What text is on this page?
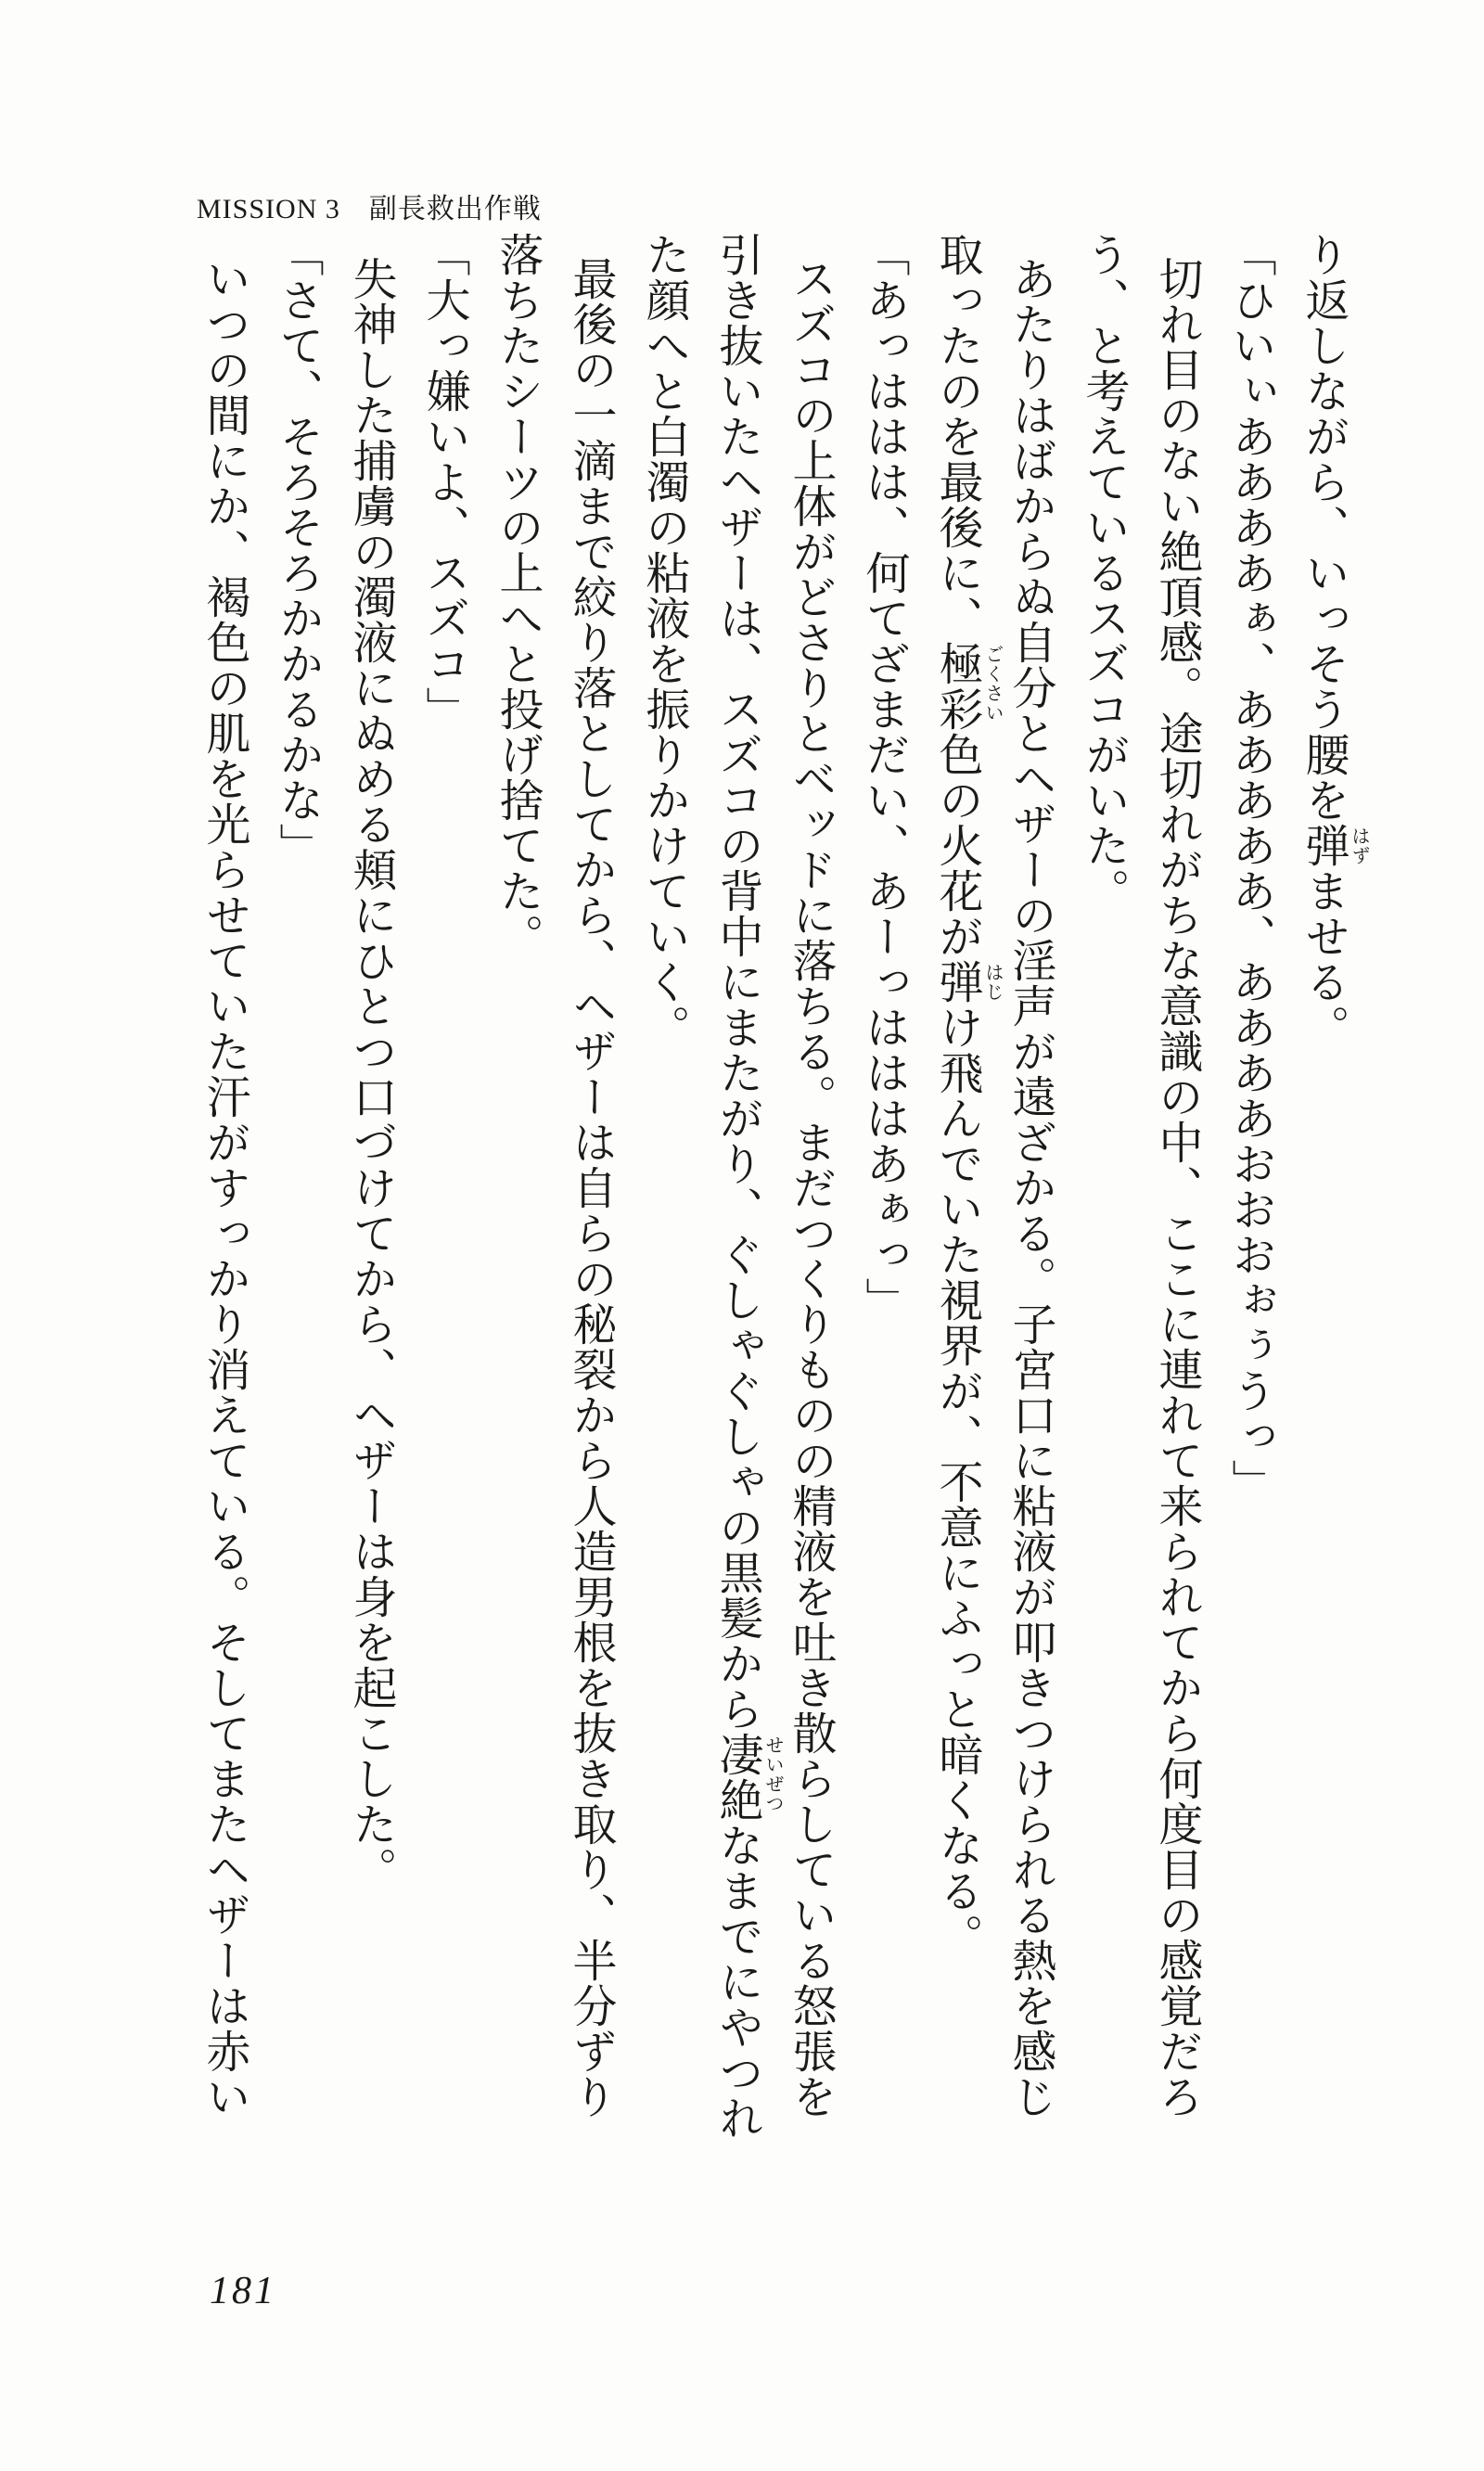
MISSION 3　副長救出作戦

り返しながら、いっそう腰を弾 はず
ませる。
「ひいぃああああぁ、あああああ、ああああおおおぉぅうっ」
切れ目のない絶頂感。途切れがちな意識の中、ここに連れて来られてから何度目の感覚だろ
う、と考えているスズコがいた。
あたりはばからぬ自分とヘザーの淫声が遠ざかる。子宮口に粘液が叩きつけられる熱を感じ
取ったのを最後に、極彩 ごくさい
色の火花が弾 はじ
け飛んでいた視界が、不意にふっと暗くなる。
「あっははは、何てざまだい、あーっはははあぁっ」
スズコの上体がどさりとベッドに落ちる。まだつくりものの精液を吐き散らしている怒張を
引き抜いたヘザーは、スズコの背中にまたがり、ぐしゃぐしゃの黒髪から凄絶 せいぜつ
なまでにやつれ
た顔へと白濁の粘液を振りかけていく。
最後の一滴まで絞り落としてから、ヘザーは自らの秘裂から人造男根を抜き取り、半分ずり
落ちたシーツの上へと投げ捨てた。
「大っ嫌いよ、スズコ」
失神した捕虜の濁液にぬめる頬にひとつ口づけてから、ヘザーは身を起こした。
「さて、そろそろかかるかな」
いつの間にか、褐色の肌を光らせていた汗がすっかり消えている。そしてまたヘザーは赤い
181
